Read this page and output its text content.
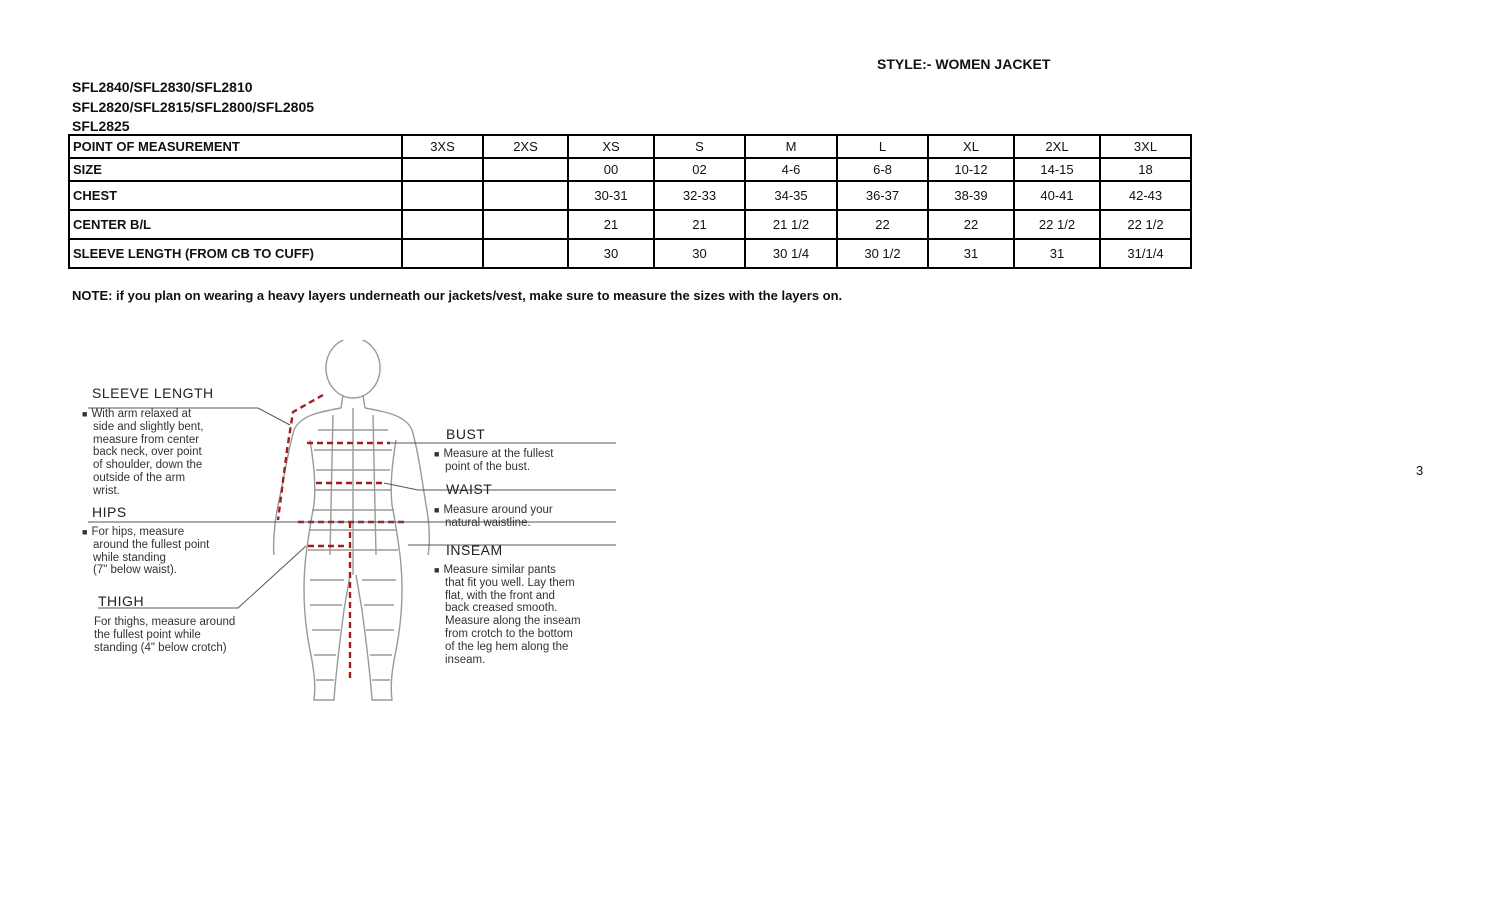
STYLE:- WOMEN JACKET
SFL2840/SFL2830/SFL2810
SFL2820/SFL2815/SFL2800/SFL2805
SFL2825
POINT OF MEASUREMENT	3XS	2XS	XS	S	M	L	XL	2XL	3XL
SIZE			00	02	4-6	6-8	10-12	14-15	18
CHEST			30-31	32-33	34-35	36-37	38-39	40-41	42-43
CENTER B/L			21	21	21 1/2	22	22	22 1/2	22 1/2
SLEEVE LENGTH (FROM CB TO CUFF)			30	30	30 1/4	30 1/2	31	31	31/1/4
NOTE: if you plan on wearing a heavy layers underneath our jackets/vest, make sure to measure the sizes with the layers on.
3
SLEEVE LENGTH
■ With arm relaxed at
side and slightly bent,
measure from center
back neck, over point
of shoulder, down the
outside of the arm
wrist.
HIPS
■ For hips, measure
around the fullest point
while standing
(7" below waist).
THIGH
For thighs, measure around
the fullest point while
standing (4" below crotch)
BUST
■ Measure at the fullest
point of the bust.
WAIST
■ Measure around your
natural waistline.
INSEAM
■ Measure similar pants
that fit you well. Lay them
flat, with the front and
back creased smooth.
Measure along the inseam
from crotch to the bottom
of the leg hem along the
inseam.
